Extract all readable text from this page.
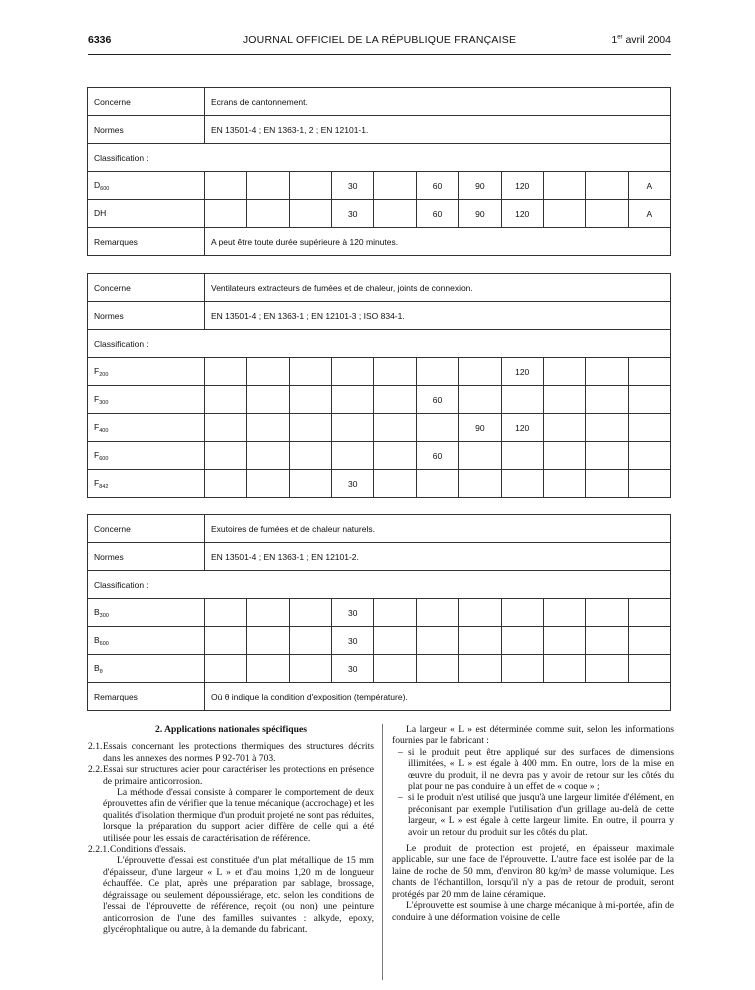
6336	JOURNAL OFFICIEL DE LA RÉPUBLIQUE FRANÇAISE	1er avril 2004
Concerne	Ecrans de cantonnement.										
Normes	EN 13501-4 ; EN 1363-1, 2 ; EN 12101-1.										
Classification :											
$D_{600}$				30		60	90	120			A
DH				30		60	90	120			A
Remarques	A peut être toute durée supérieure à 120 minutes.										
Concerne	Ventilateurs extracteurs de fumées et de chaleur, joints de connexion.										
Normes	EN 13501-4 ; EN 1363-1 ; EN 12101-3 ; ISO 834-1.										
Classification :											
$F_{200}$								120			
$F_{300}$						60					
$F_{400}$							90	120			
$F_{600}$						60					
$F_{842}$				30							
Concerne	Exutoires de fumées et de chaleur naturels.										
Normes	EN 13501-4 ; EN 1363-1 ; EN 12101-2.										
Classification :											
$B_{300}$				30							
$B_{600}$				30							
$B_\theta$				30							
Remarques	Où θ indique la condition d'exposition (température).										
2. Applications nationales spécifiques
2.1. Essais concernant les protections thermiques des structures décrits dans les annexes des normes P 92-701 à 703.
2.2. Essai sur structures acier pour caractériser les protections en présence de primaire anticorrosion.

La méthode d'essai consiste à comparer le comportement de deux éprouvettes afin de vérifier que la tenue mécanique (accrochage) et les qualités d'isolation thermique d'un produit projeté ne sont pas réduites, lorsque la préparation du support acier diffère de celle qui a été utilisée pour les essais de caractérisation de référence.

2.2.1. Conditions d'essais.

L'éprouvette d'essai est constituée d'un plat métallique de 15 mm d'épaisseur, d'une largeur « L » et d'au moins 1,20 m de longueur échauffée. Ce plat, après une préparation par sablage, brossage, dégraissage ou seulement dépoussiérage, etc. selon les conditions de l'essai de l'éprouvette de référence, reçoit (ou non) une peinture anticorrosion de l'une des familles suivantes : alkyde, epoxy, glycérophtalique ou autre, à la demande du fabricant.

La largeur « L » est déterminée comme suit, selon les informations fournies par le fabricant :

– si le produit peut être appliqué sur des surfaces de dimensions illimitées, « L » est égale à 400 mm. En outre, lors de la mise en œuvre du produit, il ne devra pas y avoir de retour sur les côtés du plat pour ne pas conduire à un effet de « coque » ;
– si le produit n'est utilisé que jusqu'à une largeur limitée d'élément, en préconisant par exemple l'utilisation d'un grillage au-delà de cette largeur, « L » est égale à cette largeur limite. En outre, il pourra y avoir un retour du produit sur les côtés du plat.

Le produit de protection est projeté, en épaisseur maximale applicable, sur une face de l'éprouvette. L'autre face est isolée par de la laine de roche de 50 mm, d'environ 80 kg/m³ de masse volumique. Les chants de l'échantillon, lorsqu'il n'y a pas de retour de produit, seront protégés par 20 mm de laine céramique.

L'éprouvette est soumise à une charge mécanique à mi-portée, afin de conduire à une déformation voisine de celle
